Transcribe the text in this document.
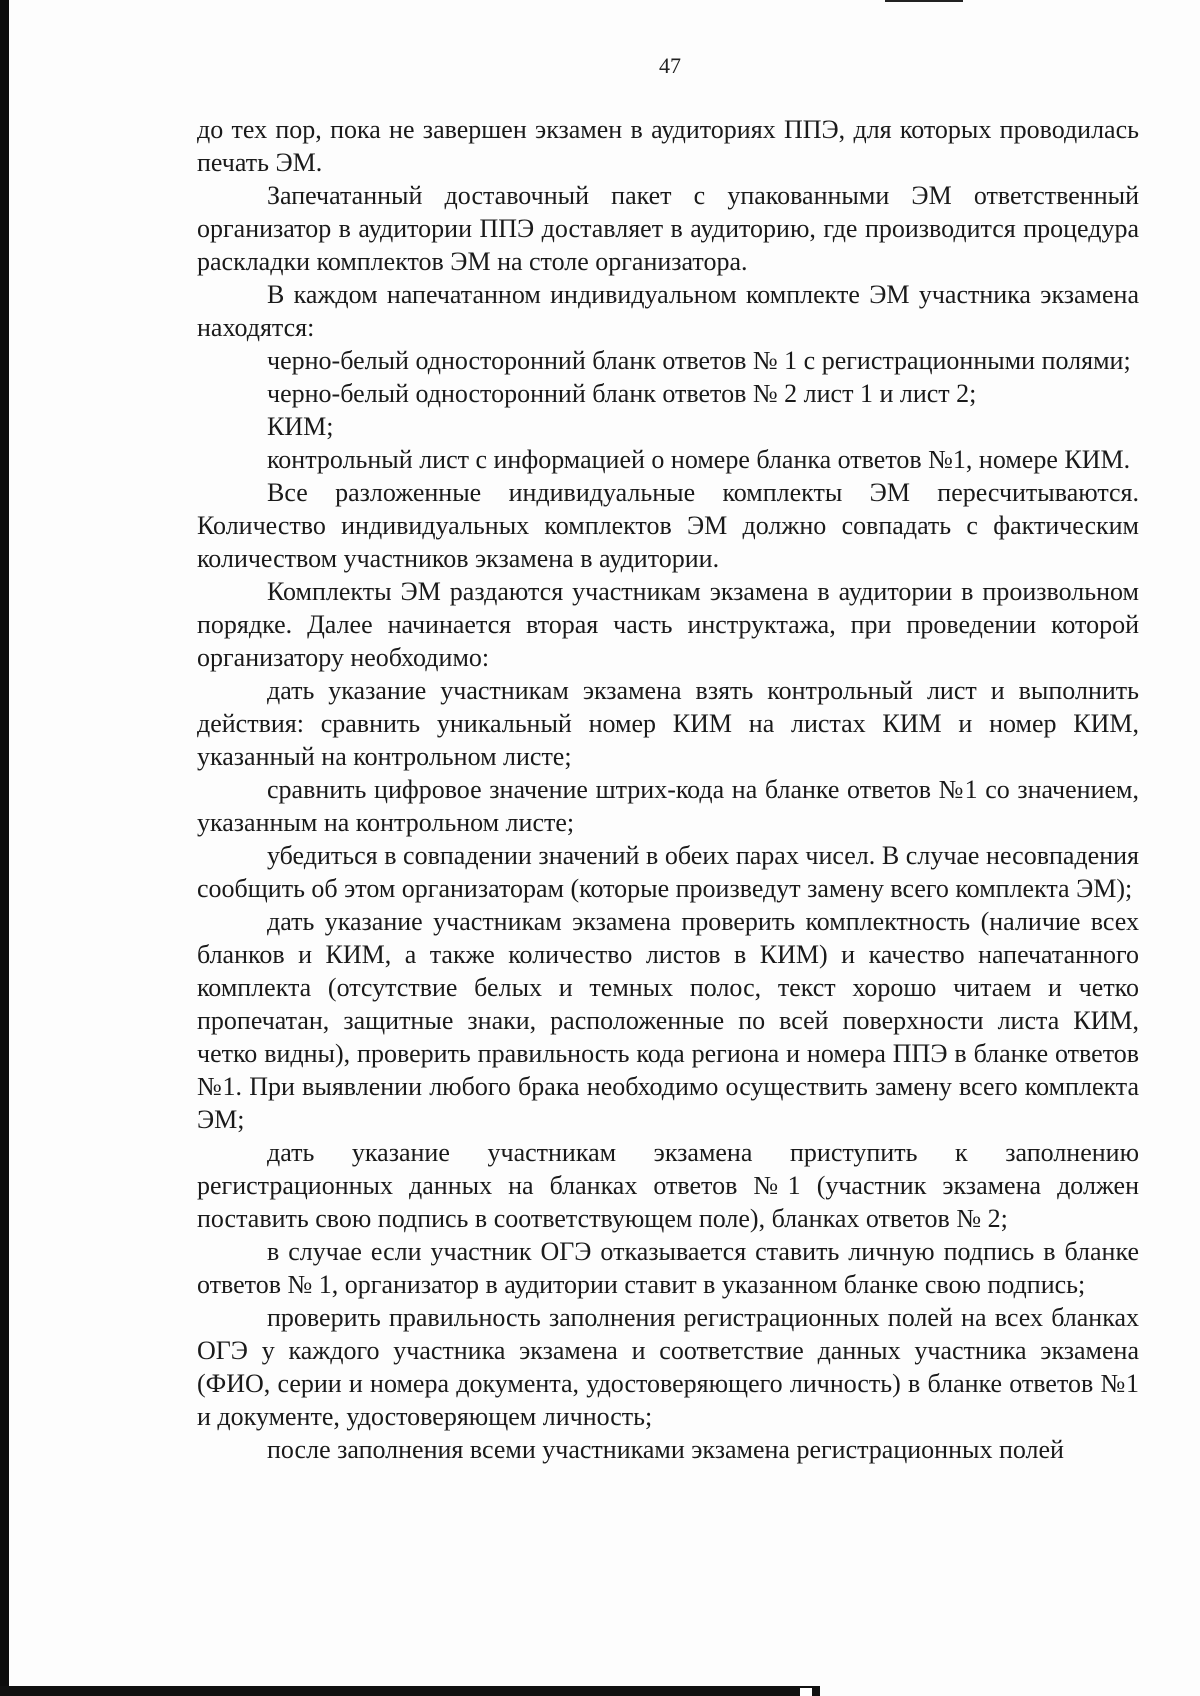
47

до тех пор, пока не завершен экзамен в аудиториях ППЭ, для которых проводилась печать ЭМ.

Запечатанный доставочный пакет с упакованными ЭМ ответственный организатор в аудитории ППЭ доставляет в аудиторию, где производится процедура раскладки комплектов ЭМ на столе организатора.

В каждом напечатанном индивидуальном комплекте ЭМ участника экзамена находятся:

черно-белый односторонний бланк ответов № 1 с регистрационными полями;

черно-белый односторонний бланк ответов № 2 лист 1 и лист 2;

КИМ;

контрольный лист с информацией о номере бланка ответов №1, номере КИМ.

Все разложенные индивидуальные комплекты ЭМ пересчитываются. Количество индивидуальных комплектов ЭМ должно совпадать с фактическим количеством участников экзамена в аудитории.

Комплекты ЭМ раздаются участникам экзамена в аудитории в произвольном порядке. Далее начинается вторая часть инструктажа, при проведении которой организатору необходимо:

дать указание участникам экзамена взять контрольный лист и выполнить действия: сравнить уникальный номер КИМ на листах КИМ и номер КИМ, указанный на контрольном листе;

сравнить цифровое значение штрих-кода на бланке ответов №1 со значением, указанным на контрольном листе;

убедиться в совпадении значений в обеих парах чисел. В случае несовпадения сообщить об этом организаторам (которые произведут замену всего комплекта ЭМ);

дать указание участникам экзамена проверить комплектность (наличие всех бланков и КИМ, а также количество листов в КИМ) и качество напечатанного комплекта (отсутствие белых и темных полос, текст хорошо читаем и четко пропечатан, защитные знаки, расположенные по всей поверхности листа КИМ, четко видны), проверить правильность кода региона и номера ППЭ в бланке ответов №1. При выявлении любого брака необходимо осуществить замену всего комплекта ЭМ;

дать указание участникам экзамена приступить к заполнению регистрационных данных на бланках ответов №1 (участник экзамена должен поставить свою подпись в соответствующем поле), бланках ответов № 2;

в случае если участник ОГЭ отказывается ставить личную подпись в бланке ответов № 1, организатор в аудитории ставит в указанном бланке свою подпись;

проверить правильность заполнения регистрационных полей на всех бланках ОГЭ у каждого участника экзамена и соответствие данных участника экзамена (ФИО, серии и номера документа, удостоверяющего личность) в бланке ответов №1 и документе, удостоверяющем личность;

после заполнения всеми участниками экзамена регистрационных полей
